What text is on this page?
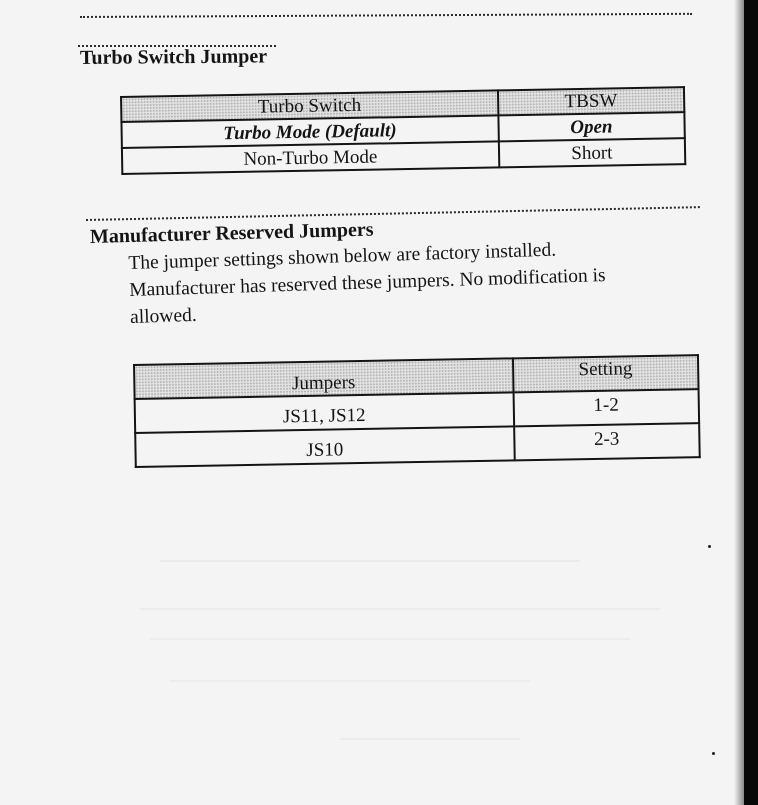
Turbo Switch Jumper
Turbo Switch	TBSW
Turbo Mode (Default)	Open
Non-Turbo Mode	Short
Manufacturer Reserved Jumpers
The jumper settings shown below are factory installed.
Manufacturer has reserved these jumpers. No modification is
allowed.
Jumpers	Setting
JS11, JS12	1-2
JS10	2-3
